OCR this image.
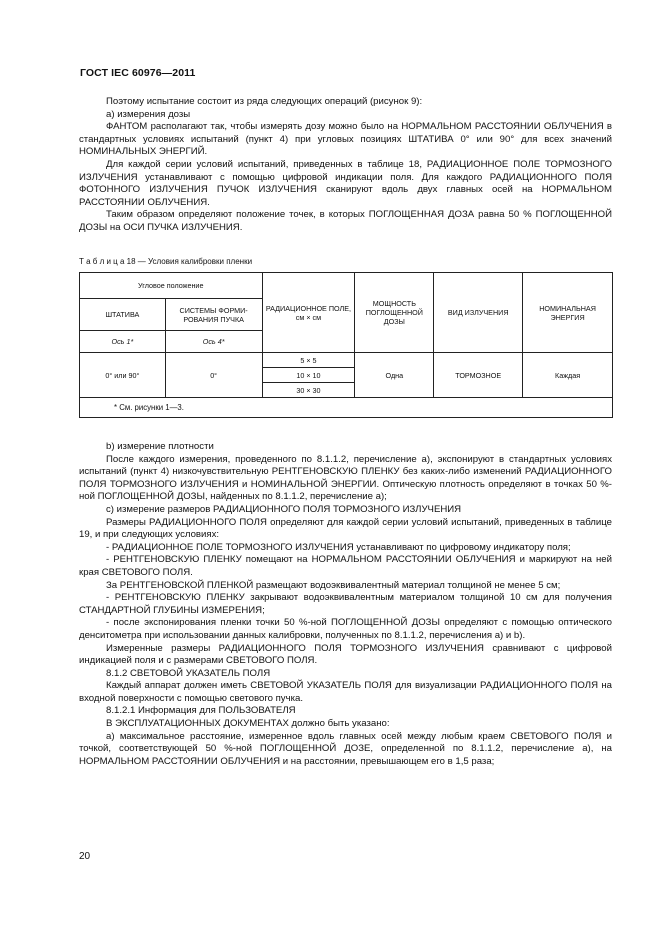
ГОСТ IEC 60976—2011

Поэтому испытание состоит из ряда следующих операций (рисунок 9):

а) измерения дозы

ФАНТОМ располагают так, чтобы измерять дозу можно было на НОРМАЛЬНОМ РАССТОЯНИИ ОБЛУЧЕНИЯ в стандартных условиях испытаний (пункт 4) при угловых позициях ШТАТИВА 0° или 90° для всех значений НОМИНАЛЬНЫХ ЭНЕРГИЙ.

Для каждой серии условий испытаний, приведенных в таблице 18, РАДИАЦИОННОЕ ПОЛЕ ТОРМОЗНОГО ИЗЛУЧЕНИЯ устанавливают с помощью цифровой индикации поля. Для каждого РАДИАЦИОННОГО ПОЛЯ ФОТОННОГО ИЗЛУЧЕНИЯ ПУЧОК ИЗЛУЧЕНИЯ сканируют вдоль двух главных осей на НОРМАЛЬНОМ РАССТОЯНИИ ОБЛУЧЕНИЯ.

Таким образом определяют положение точек, в которых ПОГЛОЩЕННАЯ ДОЗА равна 50 % ПОГЛОЩЕННОЙ ДОЗЫ на ОСИ ПУЧКА ИЗЛУЧЕНИЯ.

Т а б л и ц а 18 — Условия калибровки пленки
Угловое положение		РАДИАЦИОННОЕ ПОЛЕ, см × см	МОЩНОСТЬ ПОГЛОЩЕННОЙ ДОЗЫ	ВИД ИЗЛУЧЕНИЯ	НОМИНАЛЬНАЯ ЭНЕРГИЯ
ШТАТИВА	СИСТЕМЫ ФОРМИ-РОВАНИЯ ПУЧКА				
Ось 1*	Ось 4*				
0° или 90°	0°	5 × 5	Одна	ТОРМОЗНОЕ	Каждая
		10 × 10			
		30 × 30			
* См. рисунки 1—3.					

b) измерение плотности

После каждого измерения, проведенного по 8.1.1.2, перечисление а), экспонируют в стандартных условиях испытаний (пункт 4) низкочувствительную РЕНТГЕНОВСКУЮ ПЛЕНКУ без каких-либо изменений РАДИАЦИОННОГО ПОЛЯ ТОРМОЗНОГО ИЗЛУЧЕНИЯ и НОМИНАЛЬНОЙ ЭНЕРГИИ. Оптическую плотность определяют в точках 50 %-ной ПОГЛОЩЕННОЙ ДОЗЫ, найденных по 8.1.1.2, перечисление а);

с) измерение размеров РАДИАЦИОННОГО ПОЛЯ ТОРМОЗНОГО ИЗЛУЧЕНИЯ

Размеры РАДИАЦИОННОГО ПОЛЯ определяют для каждой серии условий испытаний, приведенных в таблице 19, и при следующих условиях:

- РАДИАЦИОННОЕ ПОЛЕ ТОРМОЗНОГО ИЗЛУЧЕНИЯ устанавливают по цифровому индикатору поля;

- РЕНТГЕНОВСКУЮ ПЛЕНКУ помещают на НОРМАЛЬНОМ РАССТОЯНИИ ОБЛУЧЕНИЯ и маркируют на ней края СВЕТОВОГО ПОЛЯ.

За РЕНТГЕНОВСКОЙ ПЛЕНКОЙ размещают водоэквивалентный материал толщиной не менее 5 см;

- РЕНТГЕНОВСКУЮ ПЛЕНКУ закрывают водоэквивалентным материалом толщиной 10 см для получения СТАНДАРТНОЙ ГЛУБИНЫ ИЗМЕРЕНИЯ;

- после экспонирования пленки точки 50 %-ной ПОГЛОЩЕННОЙ ДОЗЫ определяют с помощью оптического денситометра при использовании данных калибровки, полученных по 8.1.1.2, перечисления а) и b).

Измеренные размеры РАДИАЦИОННОГО ПОЛЯ ТОРМОЗНОГО ИЗЛУЧЕНИЯ сравнивают с цифровой индикацией поля и с размерами СВЕТОВОГО ПОЛЯ.

8.1.2 СВЕТОВОЙ УКАЗАТЕЛЬ ПОЛЯ

Каждый аппарат должен иметь СВЕТОВОЙ УКАЗАТЕЛЬ ПОЛЯ для визуализации РАДИАЦИОННОГО ПОЛЯ на входной поверхности с помощью светового пучка.

8.1.2.1 Информация для ПОЛЬЗОВАТЕЛЯ

В ЭКСПЛУАТАЦИОННЫХ ДОКУМЕНТАХ должно быть указано:

а) максимальное расстояние, измеренное вдоль главных осей между любым краем СВЕТОВОГО ПОЛЯ и точкой, соответствующей 50 %-ной ПОГЛОЩЕННОЙ ДОЗЕ, определенной по 8.1.1.2, перечисление а), на НОРМАЛЬНОМ РАССТОЯНИИ ОБЛУЧЕНИЯ и на расстоянии, превышающем его в 1,5 раза;

20
